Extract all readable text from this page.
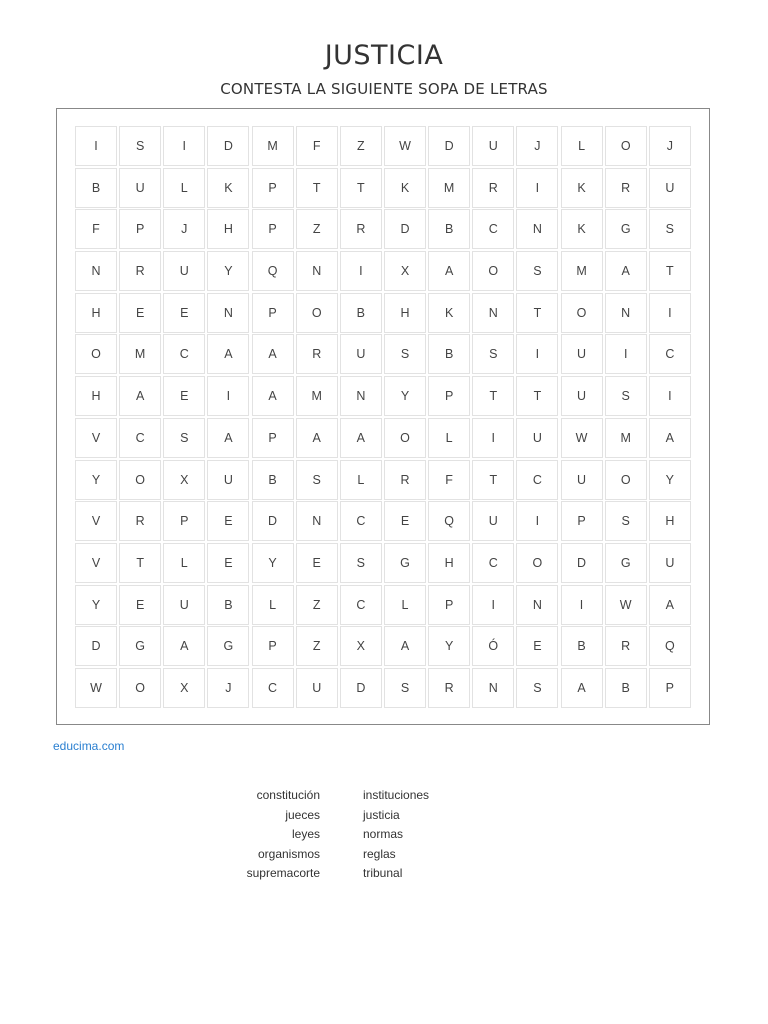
JUSTICIA
CONTESTA LA SIGUIENTE SOPA DE LETRAS
I	S	I	D	M	F	Z	W	D	U	J	L	O	J
B	U	L	K	P	T	T	K	M	R	I	K	R	U
F	P	J	H	P	Z	R	D	B	C	N	K	G	S
N	R	U	Y	Q	N	I	X	A	O	S	M	A	T
H	E	E	N	P	O	B	H	K	N	T	O	N	I
O	M	C	A	A	R	U	S	B	S	I	U	I	C
H	A	E	I	A	M	N	Y	P	T	T	U	S	I
V	C	S	A	P	A	A	O	L	I	U	W	M	A
Y	O	X	U	B	S	L	R	F	T	C	U	O	Y
V	R	P	E	D	N	C	E	Q	U	I	P	S	H
V	T	L	E	Y	E	S	G	H	C	O	D	G	U
Y	E	U	B	L	Z	C	L	P	I	N	I	W	A
D	G	A	G	P	Z	X	A	Y	Ó	E	B	R	Q
W	O	X	J	C	U	D	S	R	N	S	A	B	P
educima.com
constitución
jueces
leyes
organismos
supremacorte
instituciones
justicia
normas
reglas
tribunal
